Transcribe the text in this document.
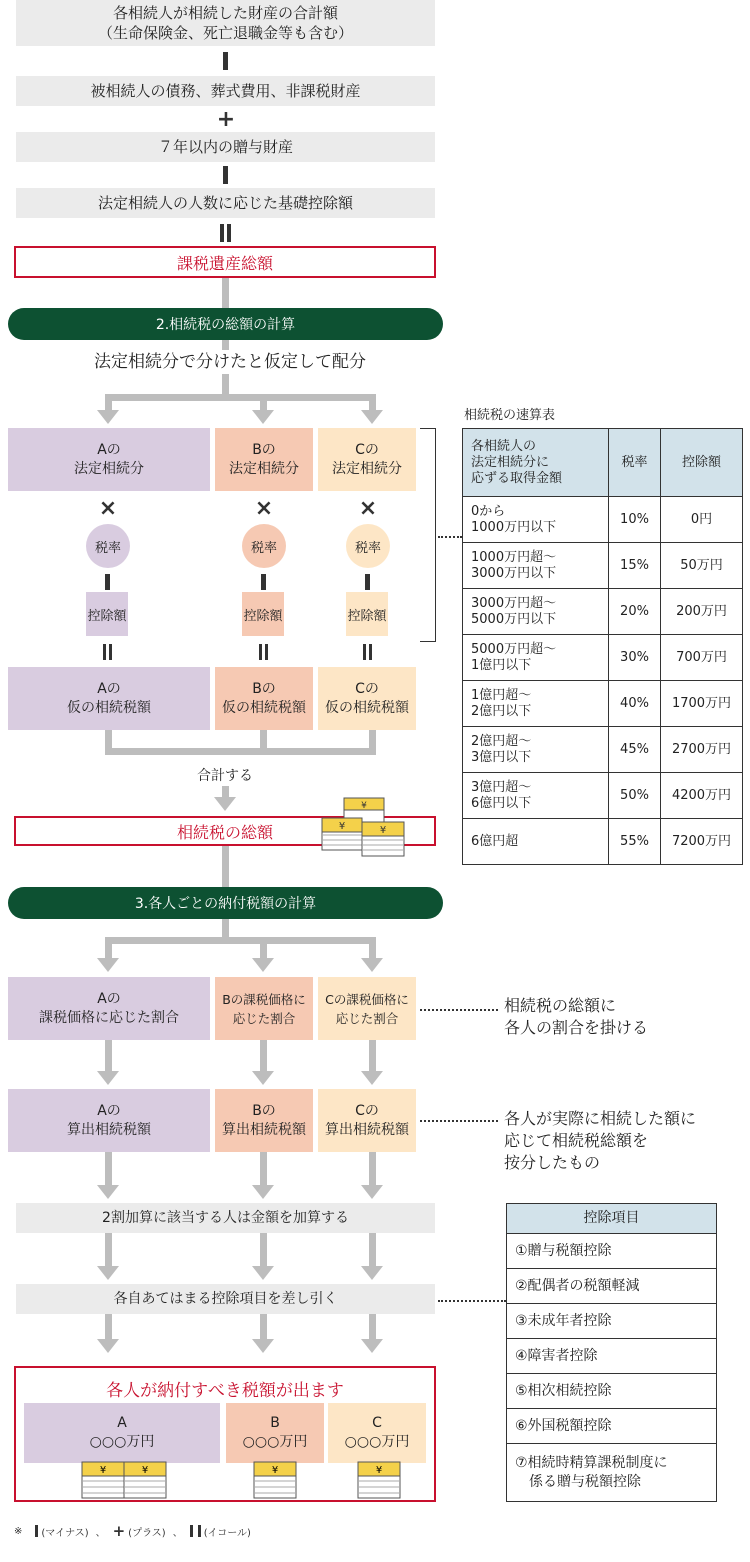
各相続人が相続した財産の合計額
（生命保険金、死亡退職金等も含む）
被相続人の債務、葬式費用、非課税財産
+
７年以内の贈与財産
法定相続人の人数に応じた基礎控除額
課税遺産総額
2.相続税の総額の計算
法定相続分で分けたと仮定して配分
Aの
法定相続分
Bの
法定相続分
Cの
法定相続分
×	×	×
税率	税率	税率
控除額	控除額	控除額
Aの
仮の相続税額
Bの
仮の相続税額
Cの
仮の相続税額
合計する
相続税の総額
¥
¥	¥
相続税の速算表
各相続人の
法定相続分に
応ずる取得金額	税率	控除額
0から
1000万円以下	10%	0円
1000万円超～
3000万円以下	15%	50万円
3000万円超～
5000万円以下	20%	200万円
5000万円超～
1億円以下	30%	700万円
1億円超～
2億円以下	40%	1700万円
2億円超～
3億円以下	45%	2700万円
3億円超～
6億円以下	50%	4200万円
6億円超	55%	7200万円
3.各人ごとの納付税額の計算
Aの
課税価格に応じた割合
Bの課税価格に
応じた割合
Cの課税価格に
応じた割合
相続税の総額に
各人の割合を掛ける
Aの
算出相続税額
Bの
算出相続税額
Cの
算出相続税額
各人が実際に相続した額に
応じて相続税総額を
按分したもの
2割加算に該当する人は金額を加算する
各自あてはまる控除項目を差し引く
各人が納付すべき税額が出ます
A
○○○万円
B
○○○万円
C
○○○万円
¥	¥	¥	¥
控除項目
①贈与税額控除
②配偶者の税額軽減
③未成年者控除
④障害者控除
⑤相次相続控除
⑥外国税額控除
⑦相続時精算課税制度に
　係る贈与税額控除
※ (マイナス) 、 + (プラス) 、 (イコール)
